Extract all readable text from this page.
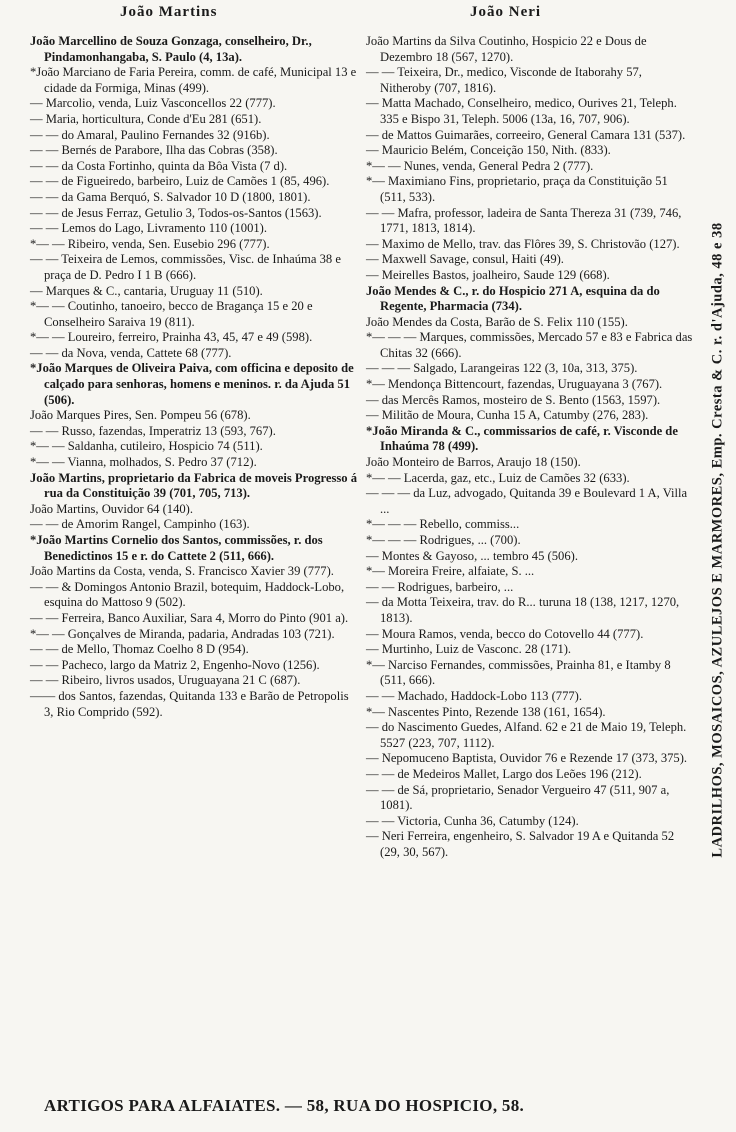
João Martins	João Neri

João Marcellino de Souza Gonzaga, conselheiro, Dr., Pindamonhangaba, S. Paulo (4, 13a).

*João Marciano de Faria Pereira, comm. de café, Municipal 13 e cidade da Formiga, Minas (499).

— Marcolio, venda, Luiz Vasconcellos 22 (777).

— Maria, horticultura, Conde d'Eu 281 (651).

— — do Amaral, Paulino Fernandes 32 (916b).

— — Bernés de Parabore, Ilha das Cobras (358).

— — da Costa Fortinho, quinta da Bôa Vista (7 d).

— — de Figueiredo, barbeiro, Luiz de Camões 1 (85, 496).

— — da Gama Berquó, S. Salvador 10 D (1800, 1801).

— — de Jesus Ferraz, Getulio 3, Todos-os-Santos (1563).

— — Lemos do Lago, Livramento 110 (1001).

*— — Ribeiro, venda, Sen. Eusebio 296 (777).

— — Teixeira de Lemos, commissões, Visc. de Inhaúma 38 e praça de D. Pedro I 1 B (666).

— Marques & C., cantaria, Uruguay 11 (510).

*— — Coutinho, tanoeiro, becco de Bragança 15 e 20 e Conselheiro Saraiva 19 (811).

*— — Loureiro, ferreiro, Prainha 43, 45, 47 e 49 (598).

— — da Nova, venda, Cattete 68 (777).

*João Marques de Oliveira Paiva, com officina e deposito de calçado para senhoras, homens e meninos. r. da Ajuda 51 (506).

João Marques Pires, Sen. Pompeu 56 (678).

— — Russo, fazendas, Imperatriz 13 (593, 767).

*— — Saldanha, cutileiro, Hospicio 74 (511).

*— — Vianna, molhados, S. Pedro 37 (712).

João Martins, proprietario da Fabrica de moveis Progresso á rua da Constituição 39 (701, 705, 713).

João Martins, Ouvidor 64 (140).

— — de Amorim Rangel, Campinho (163).

*João Martins Cornelio dos Santos, commissões, r. dos Benedictinos 15 e r. do Cattete 2 (511, 666).

João Martins da Costa, venda, S. Francisco Xavier 39 (777).

— — & Domingos Antonio Brazil, botequim, Haddock-Lobo, esquina do Mattoso 9 (502).

— — Ferreira, Banco Auxiliar, Sara 4, Morro do Pinto (901 a).

*— — Gonçalves de Miranda, padaria, Andradas 103 (721).

— — de Mello, Thomaz Coelho 8 D (954).

— — Pacheco, largo da Matriz 2, Engenho-Novo (1256).

— — Ribeiro, livros usados, Uruguayana 21 C (687).

—— dos Santos, fazendas, Quitanda 133 e Barão de Petropolis 3, Rio Comprido (592).

João Martins da Silva Coutinho, Hospicio 22 e Dous de Dezembro 18 (567, 1270).

— — Teixeira, Dr., medico, Visconde de Itaborahy 57, Nitheroby (707, 1816).

— Matta Machado, Conselheiro, medico, Ourives 21, Teleph. 335 e Bispo 31, Teleph. 5006 (13a, 16, 707, 906).

— de Mattos Guimarães, correeiro, General Camara 131 (537).

— Mauricio Belém, Conceição 150, Nith. (833).

*— — Nunes, venda, General Pedra 2 (777).

*— Maximiano Fins, proprietario, praça da Constituição 51 (511, 533).

— — Mafra, professor, ladeira de Santa Thereza 31 (739, 746, 1771, 1813, 1814).

— Maximo de Mello, trav. das Flôres 39, S. Christovão (127).

— Maxwell Savage, consul, Haiti (49).

— Meirelles Bastos, joalheiro, Saude 129 (668).

João Mendes & C., r. do Hospicio 271 A, esquina da do Regente, Pharmacia (734).

João Mendes da Costa, Barão de S. Felix 110 (155).

*— — — Marques, commissões, Mercado 57 e 83 e Fabrica das Chitas 32 (666).

— — — Salgado, Larangeiras 122 (3, 10a, 313, 375).

*— Mendonça Bittencourt, fazendas, Uruguayana 3 (767).

— das Mercês Ramos, mosteiro de S. Bento (1563, 1597).

— Militão de Moura, Cunha 15 A, Catumby (276, 283).

*João Miranda & C., commissarios de café, r. Visconde de Inhaúma 78 (499).

João Monteiro de Barros, Araujo 18 (150).

*— — Lacerda, gaz, etc., Luiz de Camões 32 (633).

— — — da Luz, advogado, Quitanda 39 e Boulevard 1 A, Villa ...

*— — — Rebello, commiss...

*— — — Rodrigues, ... (700).

— Montes & Gayoso, ... tembro 45 (506).

*— Moreira Freire, alfaiate, S. ...

— — Rodrigues, barbeiro, ...

— da Motta Teixeira, trav. do R... turuna 18 (138, 1217, 1270, 1813).

— Moura Ramos, venda, becco do Cotovello 44 (777).

— Murtinho, Luiz de Vasconc. 28 (171).

*— Narciso Fernandes, commissões, Prainha 81, e Itamby 8 (511, 666).

— — Machado, Haddock-Lobo 113 (777).

*— Nascentes Pinto, Rezende 138 (161, 1654).

— do Nascimento Guedes, Alfand. 62 e 21 de Maio 19, Teleph. 5527 (223, 707, 1112).

— Nepomuceno Baptista, Ouvidor 76 e Rezende 17 (373, 375).

— — de Medeiros Mallet, Largo dos Leões 196 (212).

— — de Sá, proprietario, Senador Vergueiro 47 (511, 907 a, 1081).

— — Victoria, Cunha 36, Catumby (124).

— Neri Ferreira, engenheiro, S. Salvador 19 A e Quitanda 52 (29, 30, 567).	LADRILHOS, MOSAICOS, AZULEJOS E MARMORES, Emp. Cresta & C. r. d'Ajuda, 48 e 38
ARTIGOS PARA ALFAIATES. — 58, RUA DO HOSPICIO, 58.
